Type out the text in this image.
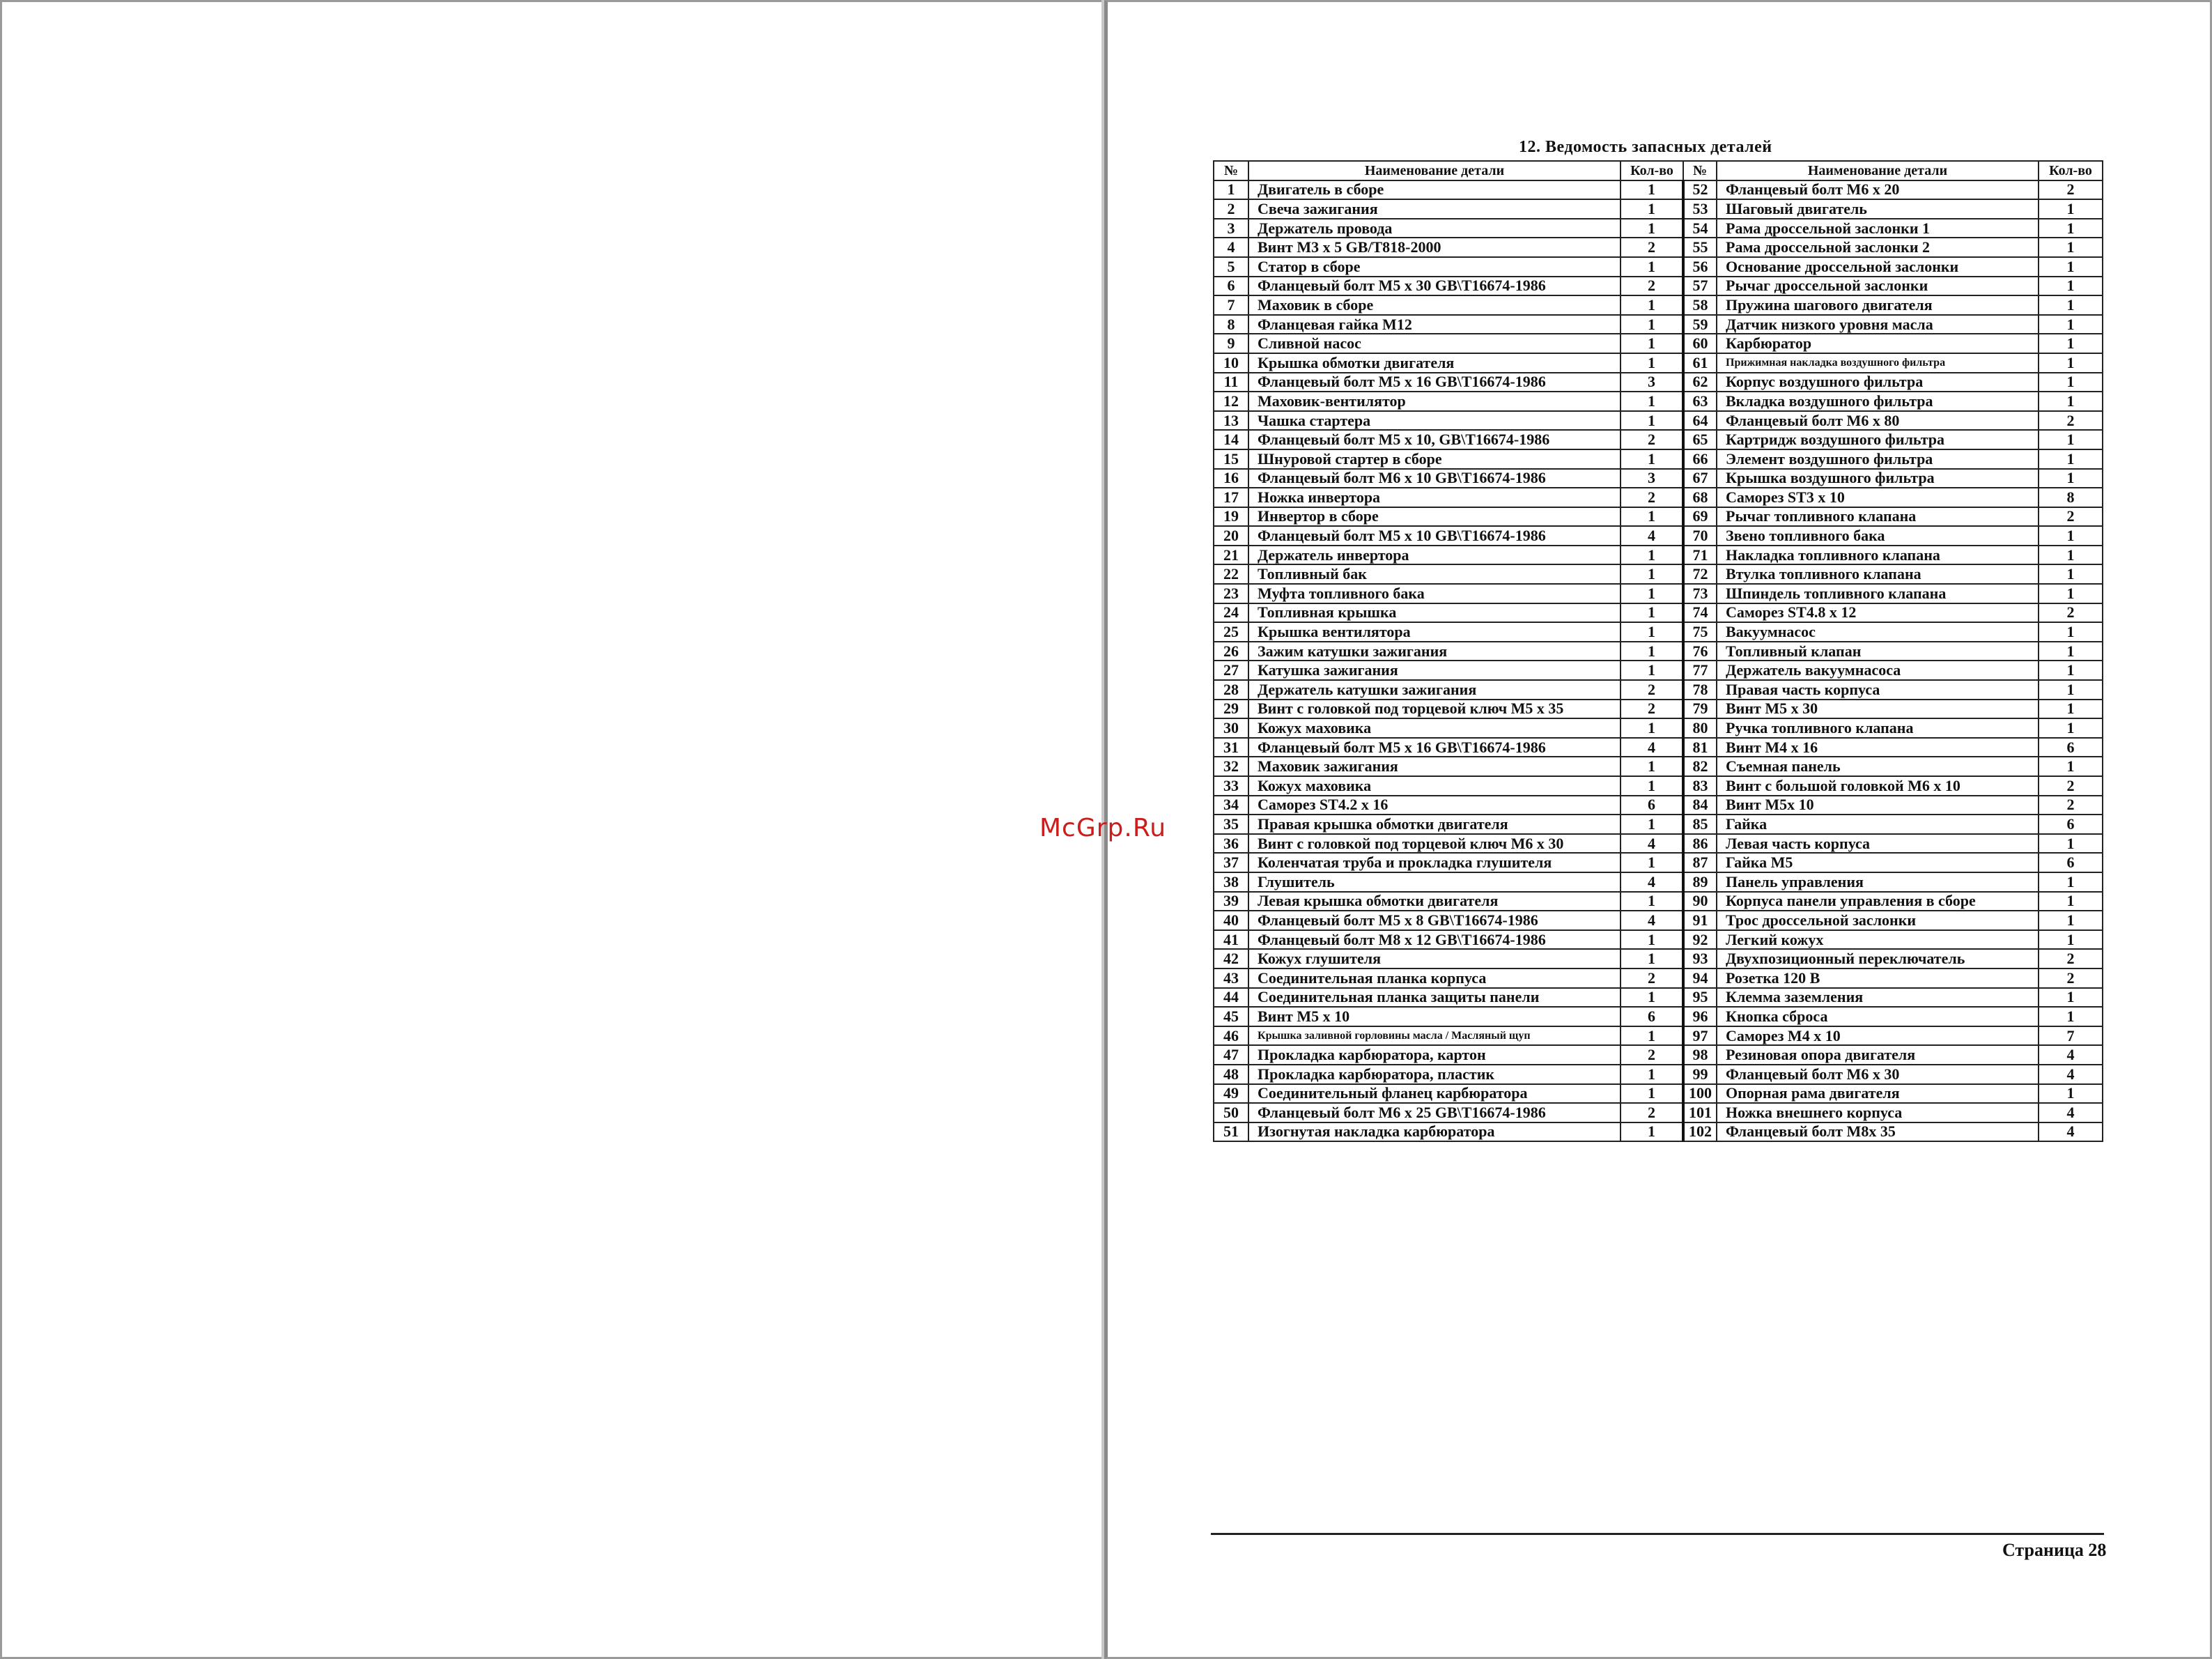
McGrp.Ru
12. Ведомость запасных деталей
№	Наименование детали	Кол-во	№	Наименование детали	Кол-во
1	Двигатель в сборе	1	52	Фланцевый болт М6 х 20	2
2	Свеча зажигания	1	53	Шаговый двигатель	1
3	Держатель провода	1	54	Рама дроссельной заслонки 1	1
4	Винт М3 х 5 GB/T818-2000	2	55	Рама дроссельной заслонки 2	1
5	Статор в сборе	1	56	Основание дроссельной заслонки	1
6	Фланцевый болт М5 х 30 GB\T16674-1986	2	57	Рычаг дроссельной заслонки	1
7	Маховик в сборе	1	58	Пружина шагового двигателя	1
8	Фланцевая гайка М12	1	59	Датчик низкого уровня масла	1
9	Сливной насос	1	60	Карбюратор	1
10	Крышка обмотки двигателя	1	61	Прижимная накладка воздушного фильтра	1
11	Фланцевый болт М5 х 16 GB\T16674-1986	3	62	Корпус воздушного фильтра	1
12	Маховик-вентилятор	1	63	Вкладка воздушного фильтра	1
13	Чашка стартера	1	64	Фланцевый болт М6 х 80	2
14	Фланцевый болт М5 х 10, GB\T16674-1986	2	65	Картридж воздушного фильтра	1
15	Шнуровой стартер в сборе	1	66	Элемент воздушного фильтра	1
16	Фланцевый болт М6 х 10 GB\T16674-1986	3	67	Крышка воздушного фильтра	1
17	Ножка инвертора	2	68	Саморез ST3 х 10	8
19	Инвертор в сборе	1	69	Рычаг топливного клапана	2
20	Фланцевый болт М5 х 10 GB\T16674-1986	4	70	Звено топливного бака	1
21	Держатель инвертора	1	71	Накладка топливного клапана	1
22	Топливный бак	1	72	Втулка топливного клапана	1
23	Муфта топливного бака	1	73	Шпиндель топливного клапана	1
24	Топливная крышка	1	74	Саморез ST4.8 х 12	2
25	Крышка вентилятора	1	75	Вакуумнасос	1
26	Зажим катушки зажигания	1	76	Топливный клапан	1
27	Катушка зажигания	1	77	Держатель вакуумнасоса	1
28	Держатель катушки зажигания	2	78	Правая часть корпуса	1
29	Винт с головкой под торцевой ключ М5 х 35	2	79	Винт М5 х 30	1
30	Кожух маховика	1	80	Ручка топливного клапана	1
31	Фланцевый болт М5 х 16 GB\T16674-1986	4	81	Винт М4 х 16	6
32	Маховик зажигания	1	82	Съемная панель	1
33	Кожух маховика	1	83	Винт с большой головкой М6 х 10	2
34	Саморез ST4.2 х 16	6	84	Винт М5х 10	2
35	Правая крышка обмотки двигателя	1	85	Гайка	6
36	Винт с головкой под торцевой ключ М6 х 30	4	86	Левая часть корпуса	1
37	Коленчатая труба и прокладка глушителя	1	87	Гайка М5	6
38	Глушитель	4	89	Панель управления	1
39	Левая крышка обмотки двигателя	1	90	Корпуса панели управления в сборе	1
40	Фланцевый болт М5 х 8 GB\T16674-1986	4	91	Трос дроссельной заслонки	1
41	Фланцевый болт М8 х 12 GB\T16674-1986	1	92	Легкий кожух	1
42	Кожух глушителя	1	93	Двухпозиционный переключатель	2
43	Соединительная планка корпуса	2	94	Розетка 120 В	2
44	Соединительная планка защиты панели	1	95	Клемма заземления	1
45	Винт М5 х 10	6	96	Кнопка сброса	1
46	Крышка заливной горловины масла / Масляный щуп	1	97	Саморез М4 х 10	7
47	Прокладка карбюратора, картон	2	98	Резиновая опора двигателя	4
48	Прокладка карбюратора, пластик	1	99	Фланцевый болт М6 х 30	4
49	Соединительный фланец карбюратора	1	100	Опорная рама двигателя	1
50	Фланцевый болт М6 х 25 GB\T16674-1986	2	101	Ножка внешнего корпуса	4
51	Изогнутая накладка карбюратора	1	102	Фланцевый болт М8х 35	4
Страница 28
